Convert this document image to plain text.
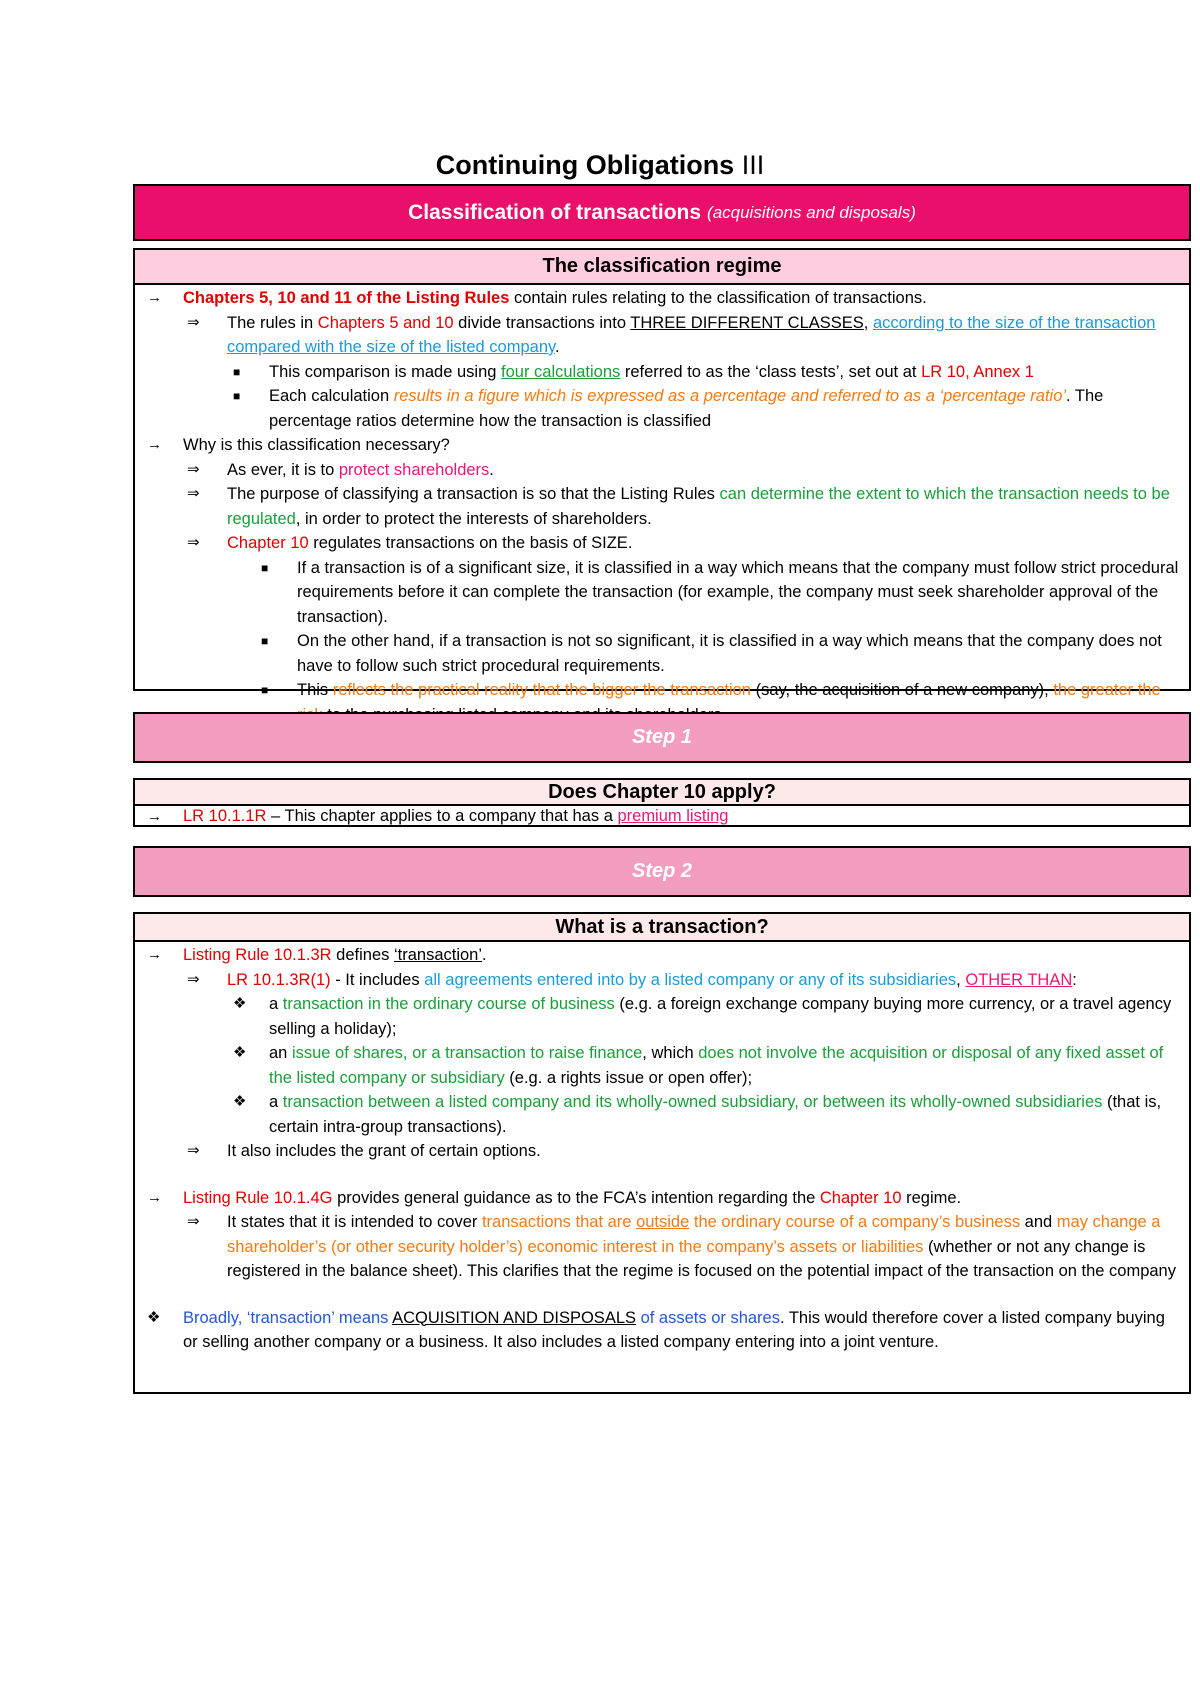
Continuing Obligations III
Classification of transactions (acquisitions and disposals)
The classification regime
→ Chapters 5, 10 and 11 of the Listing Rules contain rules relating to the classification of transactions.
⇒ The rules in Chapters 5 and 10 divide transactions into THREE DIFFERENT CLASSES, according to the size of the transaction compared with the size of the listed company.
■ This comparison is made using four calculations referred to as the ‘class tests’, set out at LR 10, Annex 1
■ Each calculation results in a figure which is expressed as a percentage and referred to as a ‘percentage ratio’. The percentage ratios determine how the transaction is classified
→ Why is this classification necessary?
⇒ As ever, it is to protect shareholders.
⇒ The purpose of classifying a transaction is so that the Listing Rules can determine the extent to which the transaction needs to be regulated, in order to protect the interests of shareholders.
⇒ Chapter 10 regulates transactions on the basis of SIZE.
■ If a transaction is of a significant size, it is classified in a way which means that the company must follow strict procedural requirements before it can complete the transaction (for example, the company must seek shareholder approval of the transaction).
■ On the other hand, if a transaction is not so significant, it is classified in a way which means that the company does not have to follow such strict procedural requirements.
■ This reflects the practical reality that the bigger the transaction (say, the acquisition of a new company), the greater the
Step 1
Does Chapter 10 apply?
→ LR 10.1.1R – This chapter applies to a company that has a premium listing
Step 2
What is a transaction?
→ Listing Rule 10.1.3R defines ‘transaction’.
⇒ LR 10.1.3R(1) - It includes all agreements entered into by a listed company or any of its subsidiaries, OTHER THAN:
❖ a transaction in the ordinary course of business (e.g. a foreign exchange company buying more currency, or a travel agency selling a holiday);
❖ an issue of shares, or a transaction to raise finance, which does not involve the acquisition or disposal of any fixed asset of the listed company or subsidiary (e.g. a rights issue or open offer);
❖ a transaction between a listed company and its wholly-owned subsidiary, or between its wholly-owned subsidiaries (that is, certain intra-group transactions).
⇒ It also includes the grant of certain options.
→ Listing Rule 10.1.4G provides general guidance as to the FCA’s intention regarding the Chapter 10 regime.
⇒ It states that it is intended to cover transactions that are outside the ordinary course of a company’s business and may change a shareholder’s (or other security holder’s) economic interest in the company’s assets or liabilities (whether or not any change is registered in the balance sheet). This clarifies that the regime is focused on the potential impact of the transaction on the company
❖ Broadly, ‘transaction’ means ACQUISITION AND DISPOSALS of assets or shares. This would therefore cover a listed company buying or selling another company or a business. It also includes a listed company entering into a joint venture.
